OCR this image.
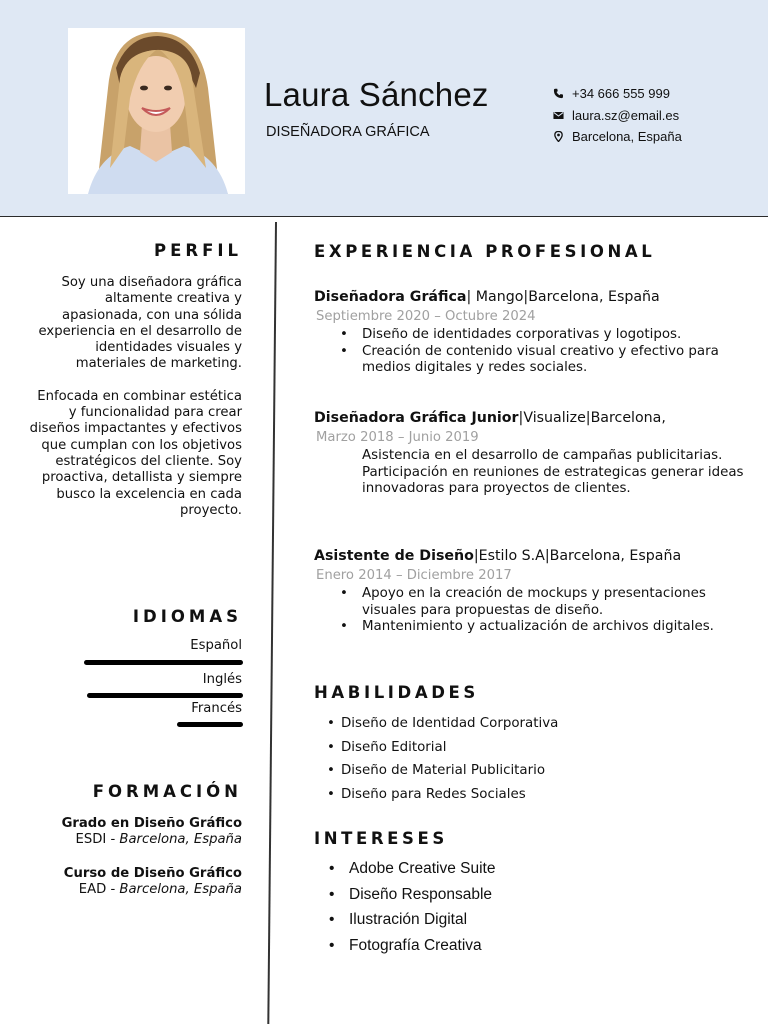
Laura Sánchez
DISEÑADORA GRÁFICA
+34 666 555 999
laura.sz@email.es
Barcelona, España
PERFIL

Soy una diseñadora gráfica altamente creativa y apasionada, con una sólida experiencia en el desarrollo de identidades visuales y materiales de marketing.

Enfocada en combinar estética y funcionalidad para crear diseños impactantes y efectivos que cumplan con los objetivos estratégicos del cliente. Soy proactiva, detallista y siempre busco la excelencia en cada proyecto.

IDIOMAS
Español
Inglés
Francés
FORMACIÓN
Grado en Diseño Gráfico
ESDI - Barcelona, España
Curso de Diseño Gráfico
EAD - Barcelona, España
EXPERIENCIA PROFESIONAL
Diseñadora Gráfica| Mango|Barcelona, España
Septiembre 2020 – Octubre 2024
• Diseño de identidades corporativas y logotipos.
• Creación de contenido visual creativo y efectivo para medios digitales y redes sociales.
Diseñadora Gráfica Junior|Visualize|Barcelona,
Marzo 2018 – Junio 2019
• Asistencia en el desarrollo de campañas publicitarias.
• Participación en reuniones de estrategicas generar ideas innovadoras para proyectos de clientes.
Asistente de Diseño|Estilo S.A|Barcelona, España
Enero 2014 – Diciembre 2017
• Apoyo en la creación de mockups y presentaciones visuales para propuestas de diseño.
• Mantenimiento y actualización de archivos digitales.
HABILIDADES
• Diseño de Identidad Corporativa
• Diseño Editorial
• Diseño de Material Publicitario
• Diseño para Redes Sociales
INTERESES
• Adobe Creative Suite
• Diseño Responsable
• Ilustración Digital
• Fotografía Creativa
